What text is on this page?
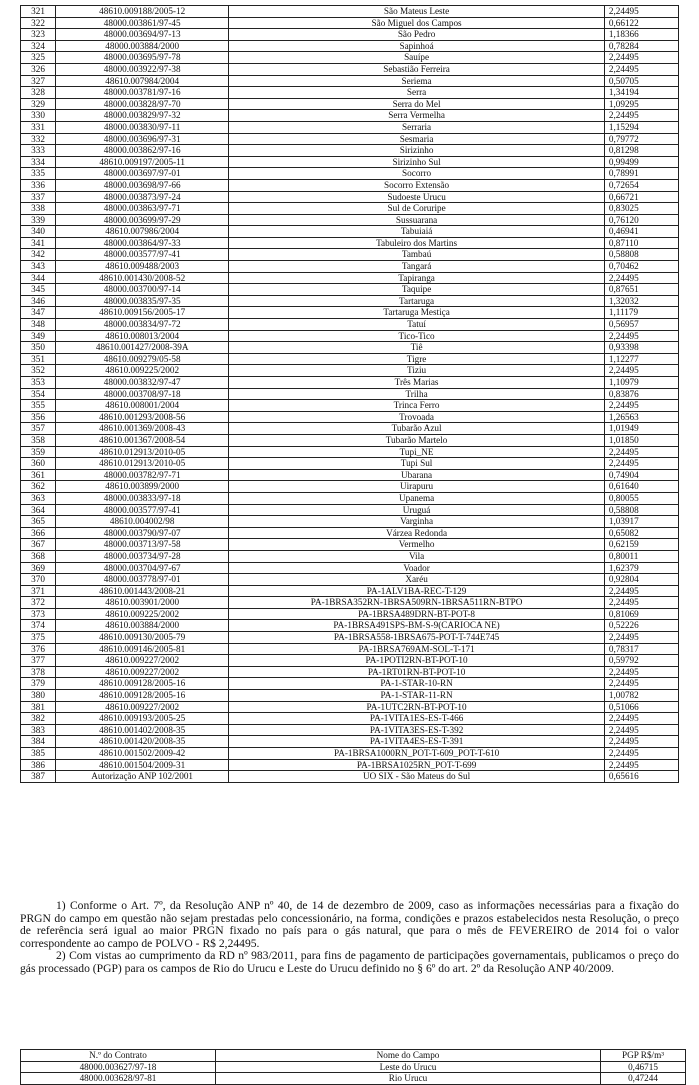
321	48610.009188/2005-12	São Mateus Leste	2,24495
322	48000.003861/97-45	São Miguel dos Campos	0,66122
323	48000.003694/97-13	São Pedro	1,18366
324	48000.003884/2000	Sapinhoá	0,78284
325	48000.003695/97-78	Sauípe	2,24495
326	48000.003922/97-38	Sebastião Ferreira	2,24495
327	48610.007984/2004	Seriema	0,50705
328	48000.003781/97-16	Serra	1,34194
329	48000.003828/97-70	Serra do Mel	1,09295
330	48000.003829/97-32	Serra Vermelha	2,24495
331	48000.003830/97-11	Serraria	1,15294
332	48000.003696/97-31	Sesmaria	0,79772
333	48000.003862/97-16	Sirizinho	0,81298
334	48610.009197/2005-11	Sirizinho Sul	0,99499
335	48000.003697/97-01	Socorro	0,78991
336	48000.003698/97-66	Socorro Extensão	0,72654
337	48000.003873/97-24	Sudoeste Urucu	0,66721
338	48000.003863/97-71	Sul de Coruripe	0,83025
339	48000.003699/97-29	Sussuarana	0,76120
340	48610.007986/2004	Tabuiaiá	0,46941
341	48000.003864/97-33	Tabuleiro dos Martins	0,87110
342	48000.003577/97-41	Tambaú	0,58808
343	48610.009488/2003	Tangará	0,70462
344	48610.001430/2008-52	Tapiranga	2,24495
345	48000.003700/97-14	Taquipe	0,87651
346	48000.003835/97-35	Tartaruga	1,32032
347	48610.009156/2005-17	Tartaruga Mestiça	1,11179
348	48000.003834/97-72	Tatuí	0,56957
349	48610.008013/2004	Tico-Tico	2,24495
350	48610.001427/2008-39A	Tiê	0,93398
351	48610.009279/05-58	Tigre	1,12277
352	48610.009225/2002	Tiziu	2,24495
353	48000.003832/97-47	Três Marias	1,10979
354	48000.003708/97-18	Trilha	0,83876
355	48610.008001/2004	Trinca Ferro	2,24495
356	48610.001293/2008-56	Trovoada	1,26563
357	48610.001369/2008-43	Tubarão Azul	1,01949
358	48610.001367/2008-54	Tubarão Martelo	1,01850
359	48610.012913/2010-05	Tupi_NE	2,24495
360	48610.012913/2010-05	Tupi Sul	2,24495
361	48000.003782/97-71	Ubarana	0,74904
362	48610.003899/2000	Uirapuru	0,61640
363	48000.003833/97-18	Upanema	0,80055
364	48000.003577/97-41	Uruguá	0,58808
365	48610.004002/98	Varginha	1,03917
366	48000.003790/97-07	Várzea Redonda	0,65082
367	48000.003713/97-58	Vermelho	0,62159
368	48000.003734/97-28	Vila	0,80011
369	48000.003704/97-67	Voador	1,62379
370	48000.003778/97-01	Xaréu	0,92804
371	48610.001443/2008-21	PA-1ALV1BA-REC-T-129	2,24495
372	48610.003901/2000	PA-1BRSA352RN-1BRSA509RN-1BRSA511RN-BTPO	2,24495
373	48610.009225/2002	PA-1BRSA489DRN-BT-POT-8	0,81069
374	48610.003884/2000	PA-1BRSA491SPS-BM-S-9(CARIOCA NE)	0,52226
375	48610.009130/2005-79	PA-1BRSA558-1BRSA675-POT-T-744E745	2,24495
376	48610.009146/2005-81	PA-1BRSA769AM-SOL-T-171	0,78317
377	48610.009227/2002	PA-1POTI2RN-BT-POT-10	0,59792
378	48610.009227/2002	PA-1RT01RN-BT-POT-10	2,24495
379	48610.009128/2005-16	PA-1-STAR-10-RN	2,24495
380	48610.009128/2005-16	PA-1-STAR-11-RN	1,00782
381	48610.009227/2002	PA-1UTC2RN-BT-POT-10	0,51066
382	48610.009193/2005-25	PA-1VITA1ES-ES-T-466	2,24495
383	48610.001402/2008-35	PA-1VITA3ES-ES-T-392	2,24495
384	48610.001420/2008-35	PA-1VITA4ES-ES-T-391	2,24495
385	48610.001502/2009-42	PA-1BRSA1000RN_POT-T-609_POT-T-610	2,24495
386	48610.001504/2009-31	PA-1BRSA1025RN_POT-T-699	2,24495
387	Autorização ANP 102/2001	UO SIX - São Mateus do Sul	0,65616

1) Conforme o Art. 7º, da Resolução ANP nº 40, de 14 de dezembro de 2009, caso as informações necessárias para a fixação do PRGN do campo em questão não sejam prestadas pelo concessionário, na forma, condições e prazos estabelecidos nesta Resolução, o preço de referência será igual ao maior PRGN fixado no país para o gás natural, que para o mês de FEVEREIRO de 2014 foi o valor correspondente ao campo de POLVO - R$ 2,24495.

2) Com vistas ao cumprimento da RD nº 983/2011, para fins de pagamento de participações governamentais, publicamos o preço do gás processado (PGP) para os campos de Rio do Urucu e Leste do Urucu definido no § 6º do art. 2º da Resolução ANP 40/2009.

N.º do Contrato	Nome do Campo	PGP R$/m³
48000.003627/97-18	Leste do Urucu	0,46715
48000.003628/97-81	Rio Urucu	0,47244
